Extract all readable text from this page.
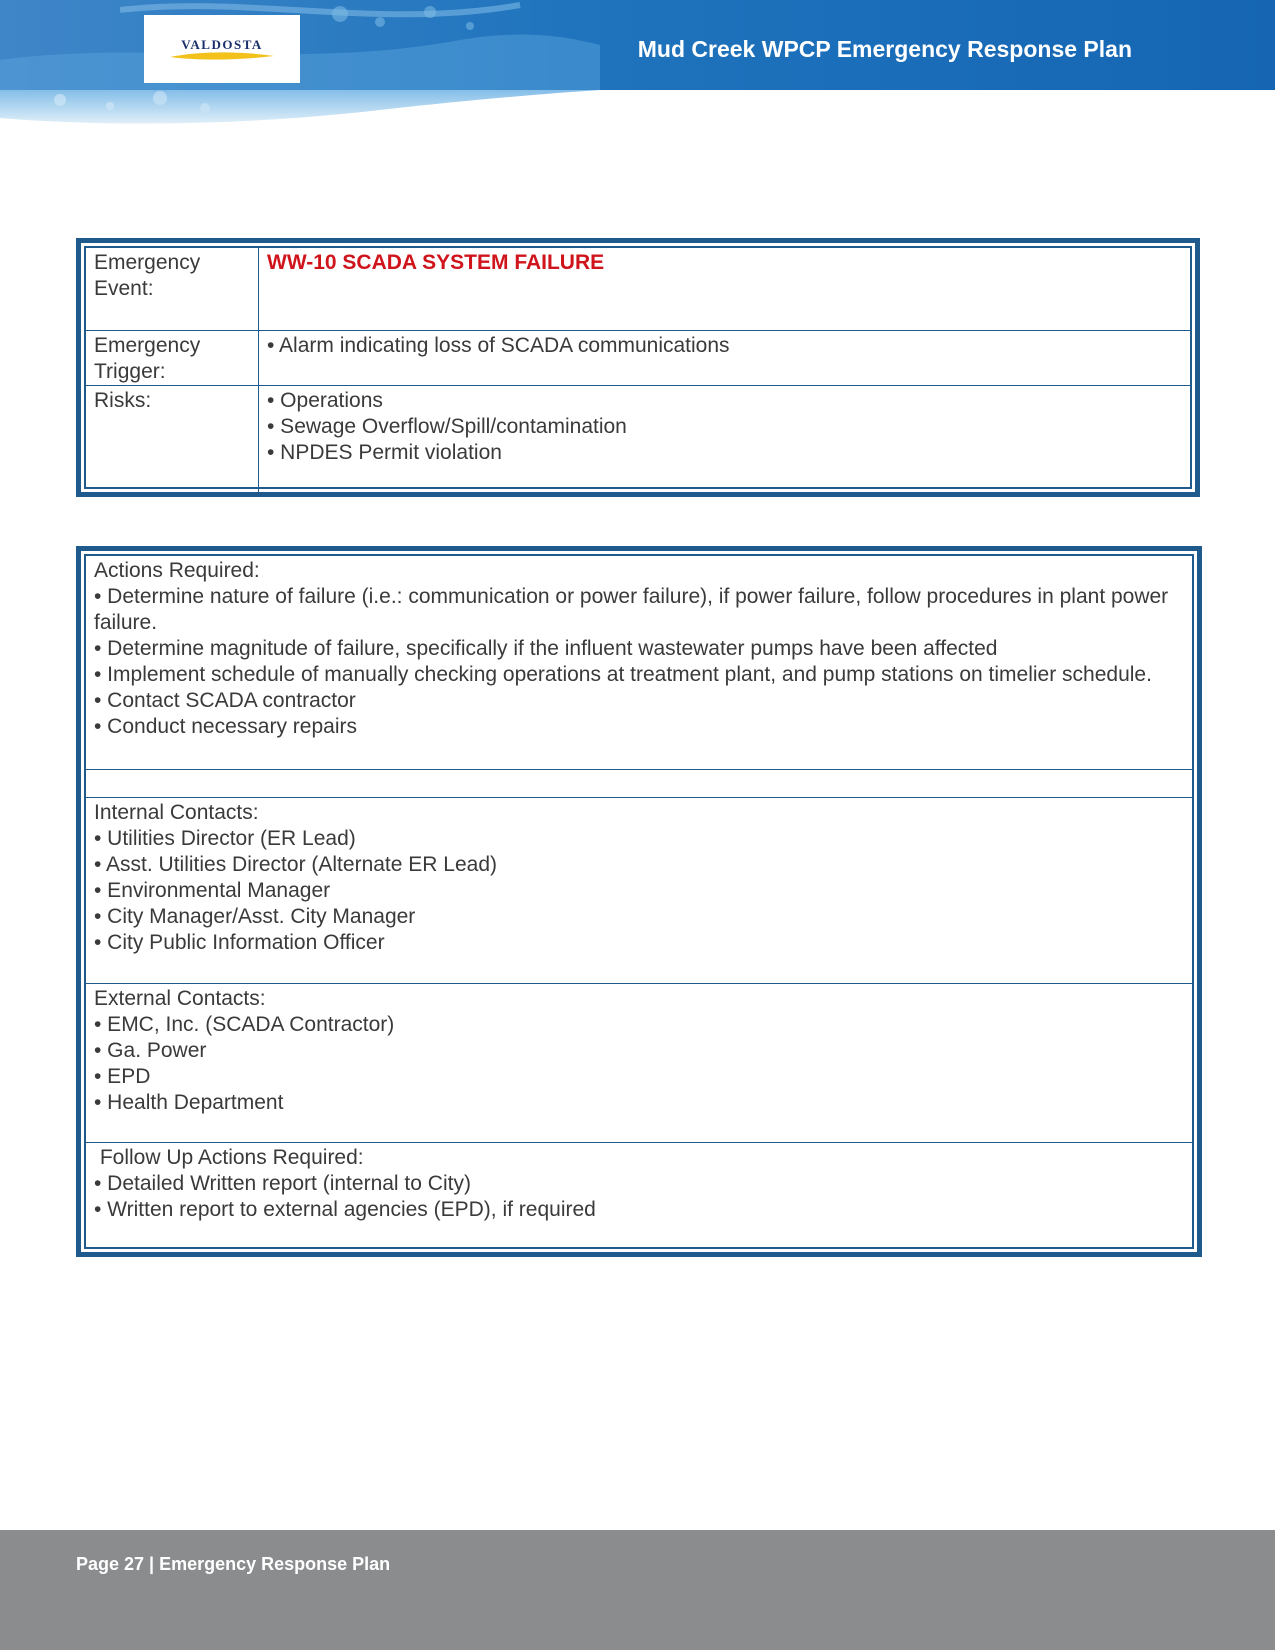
VALDOSTA	Mud Creek WPCP Emergency Response Plan
Emergency Event:	WW-10 SCADA SYSTEM FAILURE
Emergency Trigger:	• Alarm indicating loss of SCADA communications

Risks:	• Operations
• Sewage Overflow/Spill/contamination
• NPDES Permit violation
Actions Required:
• Determine nature of failure (i.e.: communication or power failure), if power failure, follow procedures in plant power failure.
• Determine magnitude of failure, specifically if the influent wastewater pumps have been affected
• Implement schedule of manually checking operations at treatment plant, and pump stations on timelier schedule.
• Contact SCADA contractor
• Conduct necessary repairs

Internal Contacts:
• Utilities Director (ER Lead)
• Asst. Utilities Director (Alternate ER Lead)
• Environmental Manager
• City Manager/Asst. City Manager
• City Public Information Officer

External Contacts:
• EMC, Inc. (SCADA Contractor)
• Ga. Power
• EPD
• Health Department

Follow Up Actions Required:
• Detailed Written report (internal to City)
• Written report to external agencies (EPD), if required
Page 27 | Emergency Response Plan
